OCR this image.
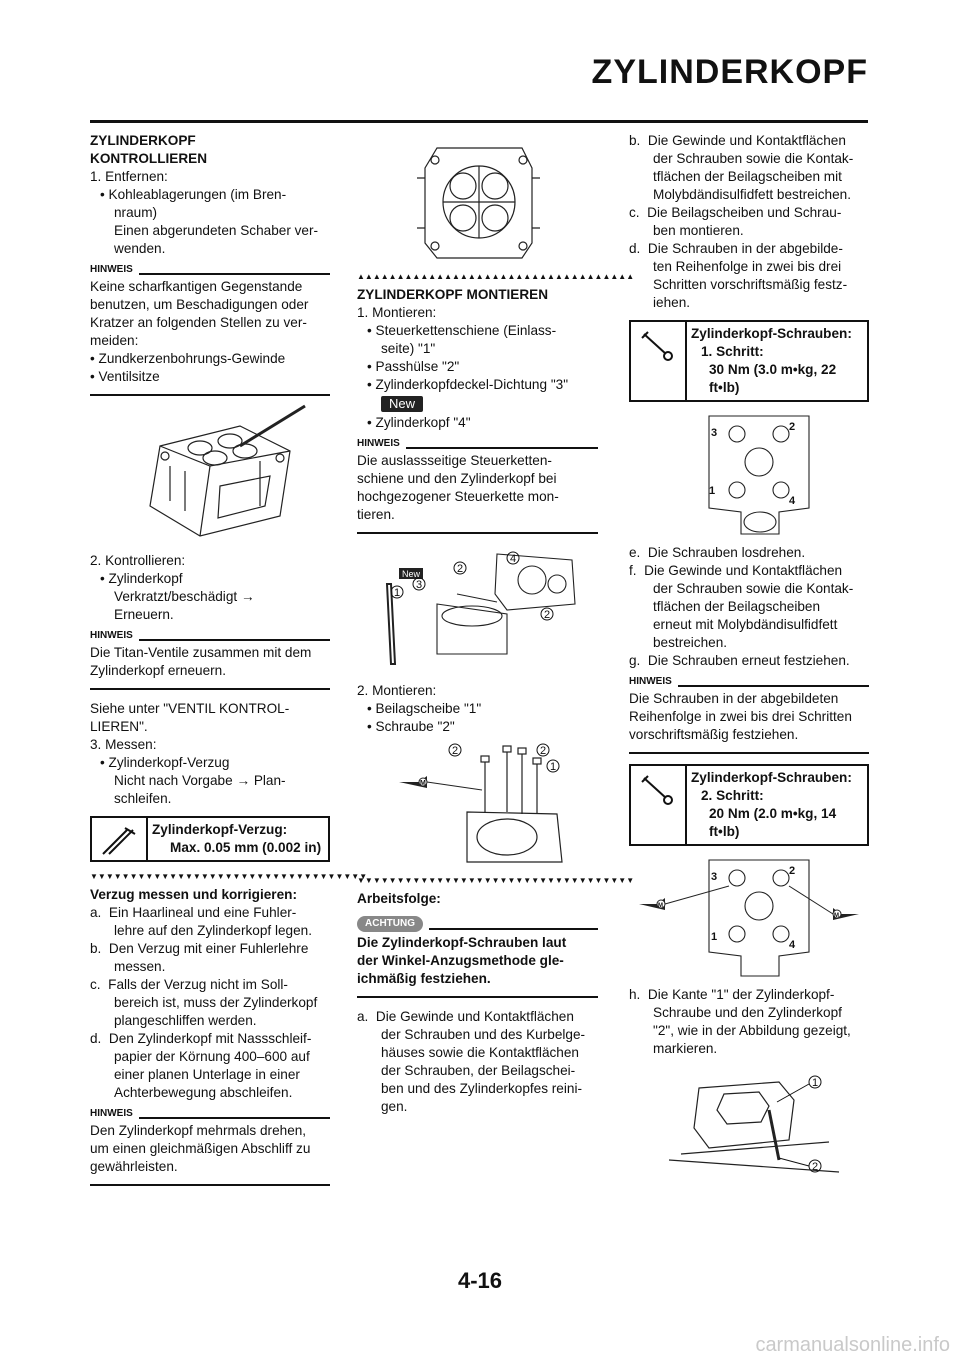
ZYLINDERKOPF

ZYLINDERKOPF

KONTROLLIEREN

1. Entfernen:

• Kohleablagerungen (im Bren-

nraum)

Einen abgerundeten Schaber ver-

wenden.

HINWEIS

Keine scharfkantigen Gegenstande

benutzen, um Beschadigungen oder

Kratzer an folgenden Stellen zu ver-

meiden:

• Zundkerzenbohrungs-Gewinde

• Ventilsitze

2. Kontrollieren:

• Zylinderkopf

Verkratzt/beschädigt →

Erneuern.

HINWEIS

Die Titan-Ventile zusammen mit dem

Zylinderkopf erneuern.

Siehe unter "VENTIL KONTROL-

LIEREN".

3. Messen:

• Zylinderkopf-Verzug

Nicht nach Vorgabe → Plan-

schleifen.

Zylinderkopf-Verzug:

Max. 0.05 mm (0.002 in)

▼▼▼▼▼▼▼▼▼▼▼▼▼▼▼▼▼▼▼▼▼▼▼▼▼▼▼▼▼▼▼▼▼▼▼

Verzug messen und korrigieren:

a. Ein Haarlineal und eine Fuhler-

lehre auf den Zylinderkopf legen.

b. Den Verzug mit einer Fuhlerlehre

messen.

c. Falls der Verzug nicht im Soll-

bereich ist, muss der Zylinderkopf

plangeschliffen werden.

d. Den Zylinderkopf mit Nassschleif-

papier der Körnung 400–600 auf

einer planen Unterlage in einer

Achterbewegung abschleifen.

HINWEIS

Den Zylinderkopf mehrmals drehen,

um einen gleichmäßigen Abschliff zu

gewährleisten.

▲▲▲▲▲▲▲▲▲▲▲▲▲▲▲▲▲▲▲▲▲▲▲▲▲▲▲▲▲▲▲▲▲▲▲

ZYLINDERKOPF MONTIEREN

1. Montieren:

• Steuerkettenschiene (Einlass-

seite) "1"

• Passhülse "2"

• Zylinderkopfdeckel-Dichtung "3"

New

• Zylinderkopf "4"

HINWEIS

Die auslassseitige Steuerketten-

schiene und den Zylinderkopf bei

hochgezogener Steuerkette mon-

tieren.

New
1
2
3
4
2

2. Montieren:

• Beilagscheibe "1"

• Schraube "2"

M
2	2
1
▼▼▼▼▼▼▼▼▼▼▼▼▼▼▼▼▼▼▼▼▼▼▼▼▼▼▼▼▼▼▼▼▼▼▼

Arbeitsfolge:

ACHTUNG

Die Zylinderkopf-Schrauben laut

der Winkel-Anzugsmethode gle-

ichmäßig festziehen.

a. Die Gewinde und Kontaktflächen

der Schrauben und des Kurbelge-

häuses sowie die Kontaktflächen

der Schrauben, der Beilagschei-

ben und des Zylinderkopfes reini-

gen.

b. Die Gewinde und Kontaktflächen

der Schrauben sowie die Kontak-

tflächen der Beilagscheiben mit

Molybdändisulfidfett bestreichen.

c. Die Beilagscheiben und Schrau-

ben montieren.

d. Die Schrauben in der abgebilde-

ten Reihenfolge in zwei bis drei

Schritten vorschriftsmäßig festz-

iehen.

Zylinderkopf-Schrauben:

1. Schritt:

30 Nm (3.0 m•kg, 22

ft•lb)

1
2
3
4

e. Die Schrauben losdrehen.

f. Die Gewinde und Kontaktflächen

der Schrauben sowie die Kontak-

tflächen der Beilagscheiben

erneut mit Molybdändisulfidfett

bestreichen.

g. Die Schrauben erneut festziehen.

HINWEIS

Die Schrauben in der abgebildeten

Reihenfolge in zwei bis drei Schritten

vorschriftsmäßig festziehen.

Zylinderkopf-Schrauben:

2. Schritt:

20 Nm (2.0 m•kg, 14

ft•lb)

1
2
3
4
M
M

h. Die Kante "1" der Zylinderkopf-

Schraube und den Zylinderkopf

"2", wie in der Abbildung gezeigt,

markieren.

1
2
4-16
carmanualsonline.info
